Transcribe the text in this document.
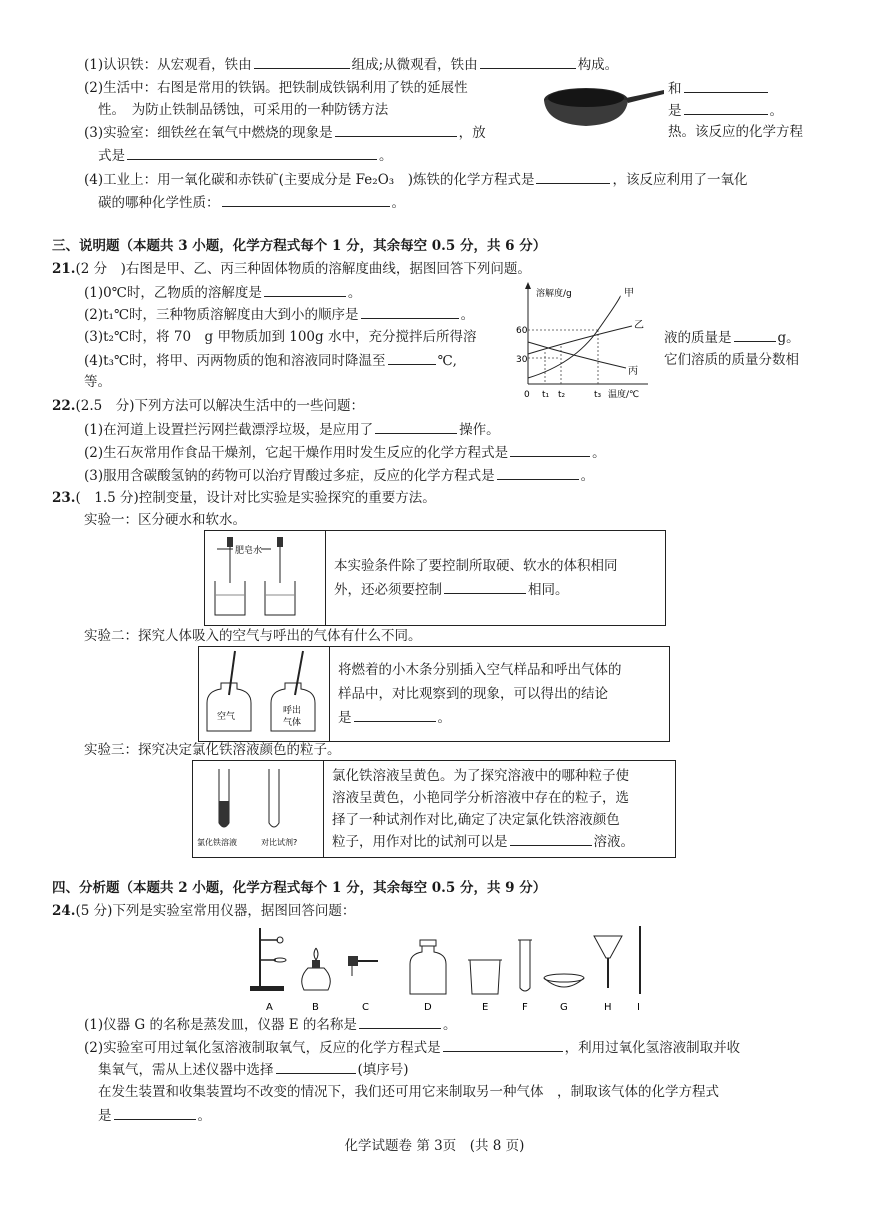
(1)认识铁：从宏观看，铁由	组成;从微观看，铁由	构成。
(2)生活中：右图是常用的铁锅。把铁制成铁锅利用了铁的延展性	和
性。　为防止铁制品锈蚀，可采用的一种防锈方法	是	。
(3)实验室：细铁丝在氧气中燃烧的现象是	，放	热。该反应的化学方程
式是	。
(4)工业上：用一氧化碳和赤铁矿(主要成分是 Fe₂O₃　)炼铁的化学方程式是	，该反应利用了一氧化
碳的哪种化学性质：	。
三、说明题（本题共 3 小题，化学方程式每个 1 分，其余每空 0.5 分，共 6 分）
21.(2 分　)右图是甲、乙、丙三种固体物质的溶解度曲线，据图回答下列问题。
(1)0℃时，乙物质的溶解度是	。
(2)t₁℃时，三种物质溶解度由大到小的顺序是	。
(3)t₂℃时，将 70　g 甲物质加到 100g 水中，充分搅拌后所得溶	液的质量是	g。
(4)t₃℃时，将甲、丙两物质的饱和溶液同时降温至	℃,	它们溶质的质量分数相
等。
溶解度/g
60
30
0 t₁ t₂	t₃ 温度/℃
甲
乙
丙
22.(2.5　分)下列方法可以解决生活中的一些问题：
(1)在河道上设置拦污网拦截漂浮垃圾，是应用了	操作。
(2)生石灰常用作食品干燥剂，它起干燥作用时发生反应的化学方程式是	。
(3)服用含碳酸氢钠的药物可以治疗胃酸过多症，反应的化学方程式是	。
23.(　1.5 分)控制变量，设计对比实验是实验探究的重要方法。
实验一：区分硬水和软水。
肥皂水

本实验条件除了要控制所取硬、软水的体积相同
外，还必须要控制	相同。
实验二：探究人体吸入的空气与呼出的气体有什么不同。
空气
呼出
气体

将燃着的小木条分别插入空气样品和呼出气体的
样品中，对比观察到的现象，可以得出的结论
是	。
实验三：探究决定氯化铁溶液颜色的粒子。
氯化铁溶液	对比试剂?

氯化铁溶液呈黄色。为了探究溶液中的哪种粒子使
溶液呈黄色，小艳同学分析溶液中存在的粒子，选
择了一种试剂作对比,确定了决定氯化铁溶液颜色
粒子，用作对比的试剂可以是	溶液。
四、分析题（本题共 2 小题，化学方程式每个 1 分，其余每空 0.5 分，共 9 分）
24.(5 分)下列是实验室常用仪器，据图回答问题：
A	B	C	D	E	F	G	H	I
(1)仪器 G 的名称是蒸发皿，仪器 E 的名称是	。
(2)实验室可用过氧化氢溶液制取氧气，反应的化学方程式是	，利用过氧化氢溶液制取并收
集氧气，需从上述仪器中选择	(填序号)
在发生装置和收集装置均不改变的情况下，我们还可用它来制取另一种气体　，制取该气体的化学方程式
是	。
化学试题卷 第 3页　(共 8 页)
